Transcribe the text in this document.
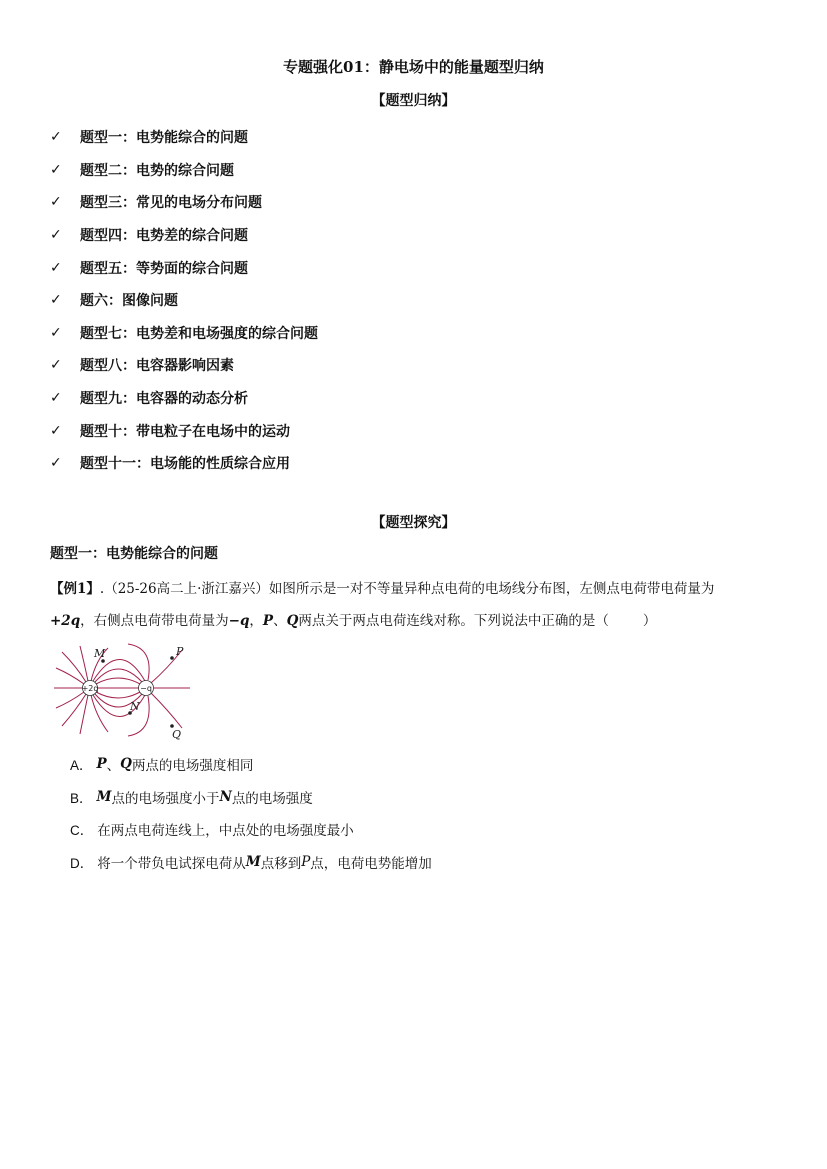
专题强化01：静电场中的能量题型归纳
【题型归纳】
✓	题型一：电势能综合的问题
✓	题型二：电势的综合问题
✓	题型三：常见的电场分布问题
✓	题型四：电势差的综合问题
✓	题型五：等势面的综合问题
✓	题六：图像问题
✓	题型七：电势差和电场强度的综合问题
✓	题型八：电容器影响因素
✓	题型九：电容器的动态分析
✓	题型十：带电粒子在电场中的运动
✓	题型十一：电场能的性质综合应用
【题型探究】
题型一：电势能综合的问题
【例1】.（25-26高二上·浙江嘉兴）如图所示是一对不等量异种点电荷的电场线分布图，左侧点电荷带电荷量为
+2q，右侧点电荷带电荷量为−q，P、Q两点关于两点电荷连线对称。下列说法中正确的是（	）
+2q	−q
M	P
N
Q
A． P 、 Q 两点的电场强度相同
B． M 点的电场强度小于 N 点的电场强度
C． 在两点电荷连线上，中点处的电场强度最小
D． 将一个带负电试探电荷从 M 点移到 P 点，电荷电势能增加
